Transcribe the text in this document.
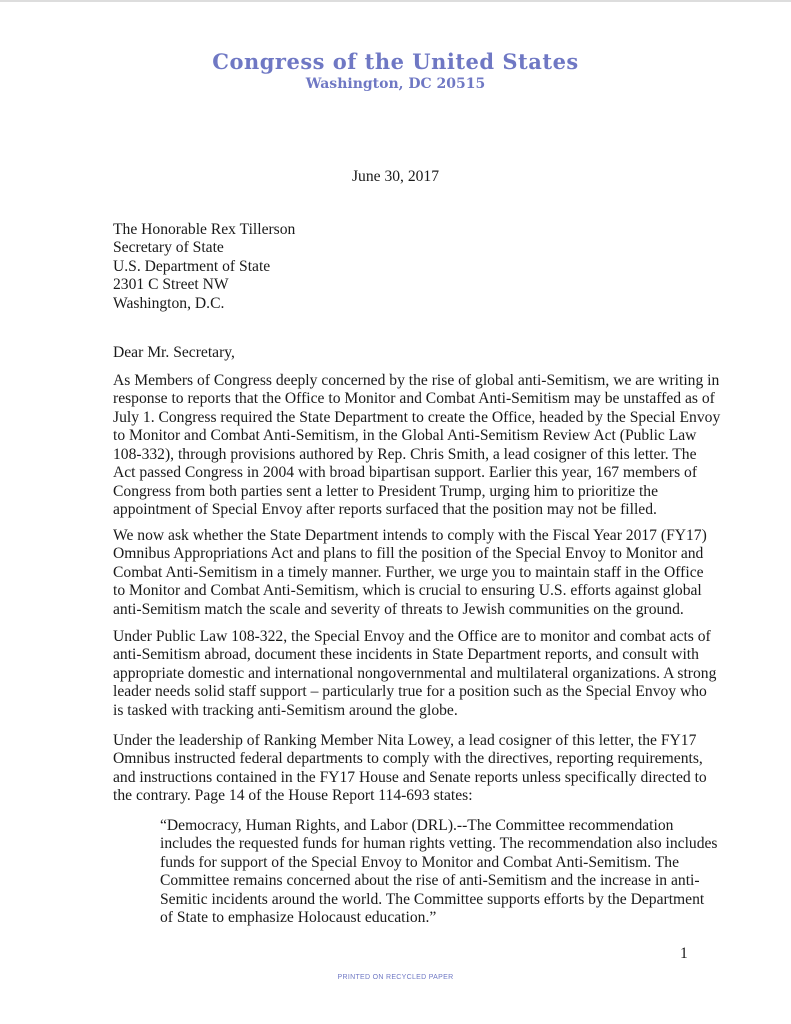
Congress of the United States
Washington, DC 20515
June 30, 2017
The Honorable Rex Tillerson
Secretary of State
U.S. Department of State
2301 C Street NW
Washington, D.C.
Dear Mr. Secretary,
As Members of Congress deeply concerned by the rise of global anti-Semitism, we are writing in
response to reports that the Office to Monitor and Combat Anti-Semitism may be unstaffed as of
July 1. Congress required the State Department to create the Office, headed by the Special Envoy
to Monitor and Combat Anti-Semitism, in the Global Anti-Semitism Review Act (Public Law
108-332), through provisions authored by Rep. Chris Smith, a lead cosigner of this letter. The
Act passed Congress in 2004 with broad bipartisan support. Earlier this year, 167 members of
Congress from both parties sent a letter to President Trump, urging him to prioritize the
appointment of Special Envoy after reports surfaced that the position may not be filled.
We now ask whether the State Department intends to comply with the Fiscal Year 2017 (FY17)
Omnibus Appropriations Act and plans to fill the position of the Special Envoy to Monitor and
Combat Anti-Semitism in a timely manner. Further, we urge you to maintain staff in the Office
to Monitor and Combat Anti-Semitism, which is crucial to ensuring U.S. efforts against global
anti-Semitism match the scale and severity of threats to Jewish communities on the ground.
Under Public Law 108-322, the Special Envoy and the Office are to monitor and combat acts of
anti-Semitism abroad, document these incidents in State Department reports, and consult with
appropriate domestic and international nongovernmental and multilateral organizations. A strong
leader needs solid staff support – particularly true for a position such as the Special Envoy who
is tasked with tracking anti-Semitism around the globe.
Under the leadership of Ranking Member Nita Lowey, a lead cosigner of this letter, the FY17
Omnibus instructed federal departments to comply with the directives, reporting requirements,
and instructions contained in the FY17 House and Senate reports unless specifically directed to
the contrary. Page 14 of the House Report 114-693 states:
“Democracy, Human Rights, and Labor (DRL).--The Committee recommendation
includes the requested funds for human rights vetting. The recommendation also includes
funds for support of the Special Envoy to Monitor and Combat Anti-Semitism. The
Committee remains concerned about the rise of anti-Semitism and the increase in anti-
Semitic incidents around the world. The Committee supports efforts by the Department
of State to emphasize Holocaust education.”
1
PRINTED ON RECYCLED PAPER
